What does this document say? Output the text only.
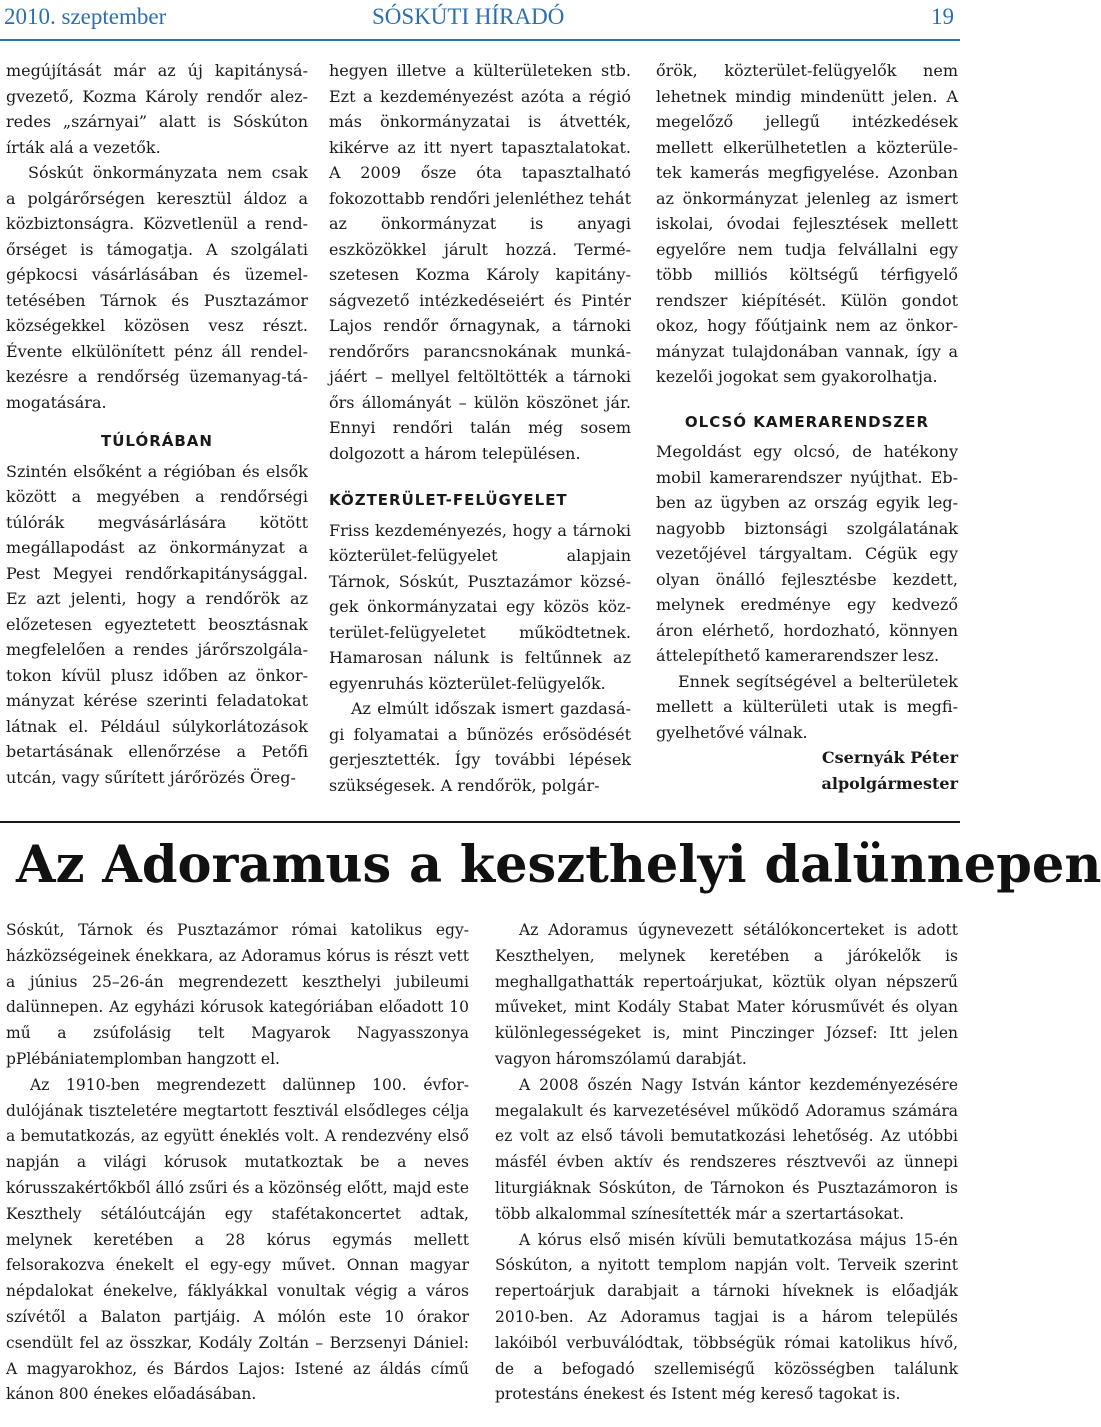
2010. szeptember	SÓSKÚTI HÍRADÓ	19

megújítását már az új kapitányságvezető, Kozma Károly rendőr alezredes „szárnyai” alatt is Sóskúton írták alá a vezetők.

Sóskút önkormányzata nem csak a polgárőrségen keresztül áldoz a közbiztonságra. Közvetlenül a rendőrséget is támogatja. A szolgálati gépkocsi vásárlásában és üzemeltetésében Tárnok és Pusztazámor községekkel közösen vesz részt. Évente elkülönített pénz áll rendelkezésre a rendőrség üzemanyag-támogatására.

TÚLÓRÁBAN

Szintén elsőként a régióban és elsők között a megyében a rendőrségi túlórák megvásárlására kötött megállapodást az önkormányzat a Pest Megyei rendőrkapitánysággal. Ez azt jelenti, hogy a rendőrök az előzetesen egyeztetett beosztásnak megfelelően a rendes járőrszolgálatokon kívül plusz időben az önkormányzat kérése szerinti feladatokat látnak el. Például súlykorlátozások betartásának ellenőrzése a Petőfi utcán, vagy sűrített járőrözés Öreg-

hegyen illetve a külterületeken stb. Ezt a kezdeményezést azóta a régió más önkormányzatai is átvették, kikérve az itt nyert tapasztalatokat. A 2009 ősze óta tapasztalható fokozottabb rendőri jelenléthez tehát az önkormányzat is anyagi eszközökkel járult hozzá. Természetesen Kozma Károly kapitányságvezető intézkedéseiért és Pintér Lajos rendőr őrnagynak, a tárnoki rendőrőrs parancsnokának munkájáért – mellyel feltöltötték a tárnoki őrs állományát – külön köszönet jár. Ennyi rendőri talán még sosem dolgozott a három településen.

KÖZTERÜLET-FELÜGYELET

Friss kezdeményezés, hogy a tárnoki közterület-felügyelet alapjain Tárnok, Sóskút, Pusztazámor községek önkormányzatai egy közös közterület-felügyeletet működtetnek. Hamarosan nálunk is feltűnnek az egyenruhás közterület-felügyelők.

Az elmúlt időszak ismert gazdasági folyamatai a bűnözés erősödését gerjesztették. Így további lépések szükségesek. A rendőrök, polgár-

őrök, közterület-felügyelők nem lehetnek mindig mindenütt jelen. A megelőző jellegű intézkedések mellett elkerülhetetlen a közterületek kamerás megfigyelése. Azonban az önkormányzat jelenleg az ismert iskolai, óvodai fejlesztések mellett egyelőre nem tudja felvállalni egy több milliós költségű térfigyelő rendszer kiépítését. Külön gondot okoz, hogy főútjaink nem az önkormányzat tulajdonában vannak, így a kezelői jogokat sem gyakorolhatja.

OLCSÓ KAMERARENDSZER

Megoldást egy olcsó, de hatékony mobil kamerarendszer nyújthat. Ebben az ügyben az ország egyik legnagyobb biztonsági szolgálatának vezetőjével tárgyaltam. Cégük egy olyan önálló fejlesztésbe kezdett, melynek eredménye egy kedvező áron elérhető, hordozható, könnyen áttelepíthető kamerarendszer lesz.

Ennek segítségével a belterületek mellett a külterületi utak is megfigyelhetővé válnak.

Csernyák Péter
alpolgármester
Az Adoramus a keszthelyi dalünnepen

Sóskút, Tárnok és Pusztazámor római katolikus egyházközségeinek énekkara, az Adoramus kórus is részt vett a június 25–26-án megrendezett keszthelyi jubileumi dalünnepen. Az egyházi kórusok kategóriában előadott 10 mű a zsúfolásig telt Magyarok Nagyasszonya pPlébániatemplomban hangzott el.

Az 1910-ben megrendezett dalünnep 100. évfordulójának tiszteletére megtartott fesztivál elsődleges célja a bemutatkozás, az együtt éneklés volt. A rendezvény első napján a világi kórusok mutatkoztak be a neves kórusszakértőkből álló zsűri és a közönség előtt, majd este Keszthely sétálóutcáján egy stafétakoncertet adtak, melynek keretében a 28 kórus egymás mellett felsorakozva énekelt el egy-egy művet. Onnan magyar népdalokat énekelve, fáklyákkal vonultak végig a város szívétől a Balaton partjáig. A mólón este 10 órakor csendült fel az összkar, Kodály Zoltán – Berzsenyi Dániel: A magyarokhoz, és Bárdos Lajos: Istené az áldás című kánon 800 énekes előadásában.

Az Adoramus úgynevezett sétálókoncerteket is adott Keszthelyen, melynek keretében a járókelők is meghallgathatták repertoárjukat, köztük olyan népszerű műveket, mint Kodály Stabat Mater kórusművét és olyan különlegességeket is, mint Pinczinger József: Itt jelen vagyon háromszólamú darabját.

A 2008 őszén Nagy István kántor kezdeményezésére megalakult és karvezetésével működő Adoramus számára ez volt az első távoli bemutatkozási lehetőség. Az utóbbi másfél évben aktív és rendszeres résztvevői az ünnepi liturgiáknak Sóskúton, de Tárnokon és Pusztazámoron is több alkalommal színesítették már a szertartásokat.

A kórus első misén kívüli bemutatkozása május 15-én Sóskúton, a nyitott templom napján volt. Terveik szerint repertoárjuk darabjait a tárnoki híveknek is előadják 2010-ben. Az Adoramus tagjai is a három település lakóiból verbuválódtak, többségük római katolikus hívő, de a befogadó szellemiségű közösségben találunk protestáns énekest és Istent még kereső tagokat is.
